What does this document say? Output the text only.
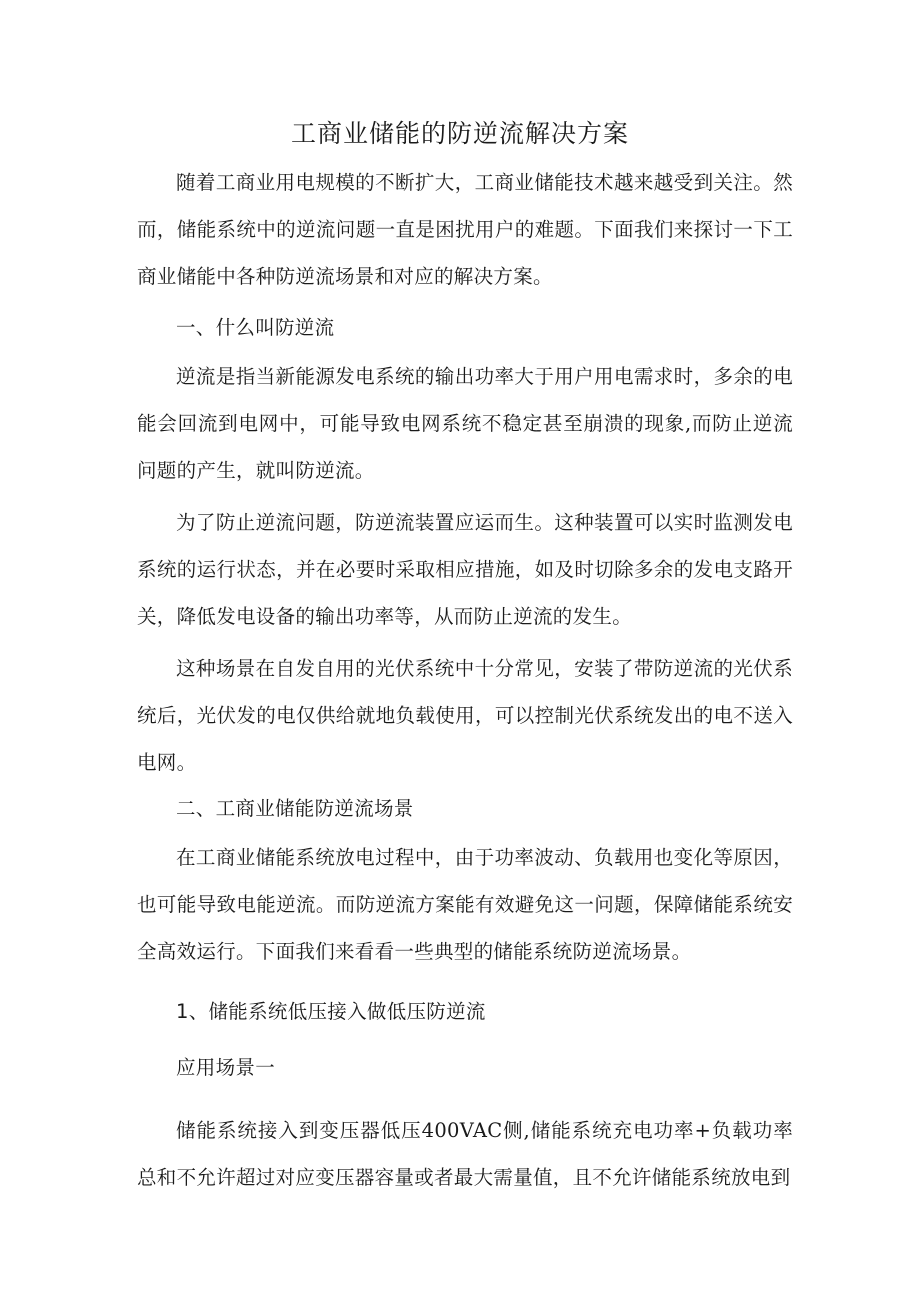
工商业储能的防逆流解决方案

随着工商业用电规模的不断扩大，工商业储能技术越来越受到关注。然而，储能系统中的逆流问题一直是困扰用户的难题。下面我们来探讨一下工商业储能中各种防逆流场景和对应的解决方案。

一、什么叫防逆流

逆流是指当新能源发电系统的输出功率大于用户用电需求时，多余的电能会回流到电网中，可能导致电网系统不稳定甚至崩溃的现象,而防止逆流问题的产生，就叫防逆流。

为了防止逆流问题，防逆流装置应运而生。这种装置可以实时监测发电系统的运行状态，并在必要时采取相应措施，如及时切除多余的发电支路开关，降低发电设备的输出功率等，从而防止逆流的发生。

这种场景在自发自用的光伏系统中十分常见，安装了带防逆流的光伏系统后，光伏发的电仅供给就地负载使用，可以控制光伏系统发出的电不送入电网。

二、工商业储能防逆流场景

在工商业储能系统放电过程中，由于功率波动、负载用也变化等原因，也可能导致电能逆流。而防逆流方案能有效避免这一问题，保障储能系统安全高效运行。下面我们来看看一些典型的储能系统防逆流场景。

1、储能系统低压接入做低压防逆流
应用场景一

储能系统接入到变压器低压400VAC侧,储能系统充电功率+负载功率总和不允许超过对应变压器容量或者最大需量值，且不允许储能系统放电到
